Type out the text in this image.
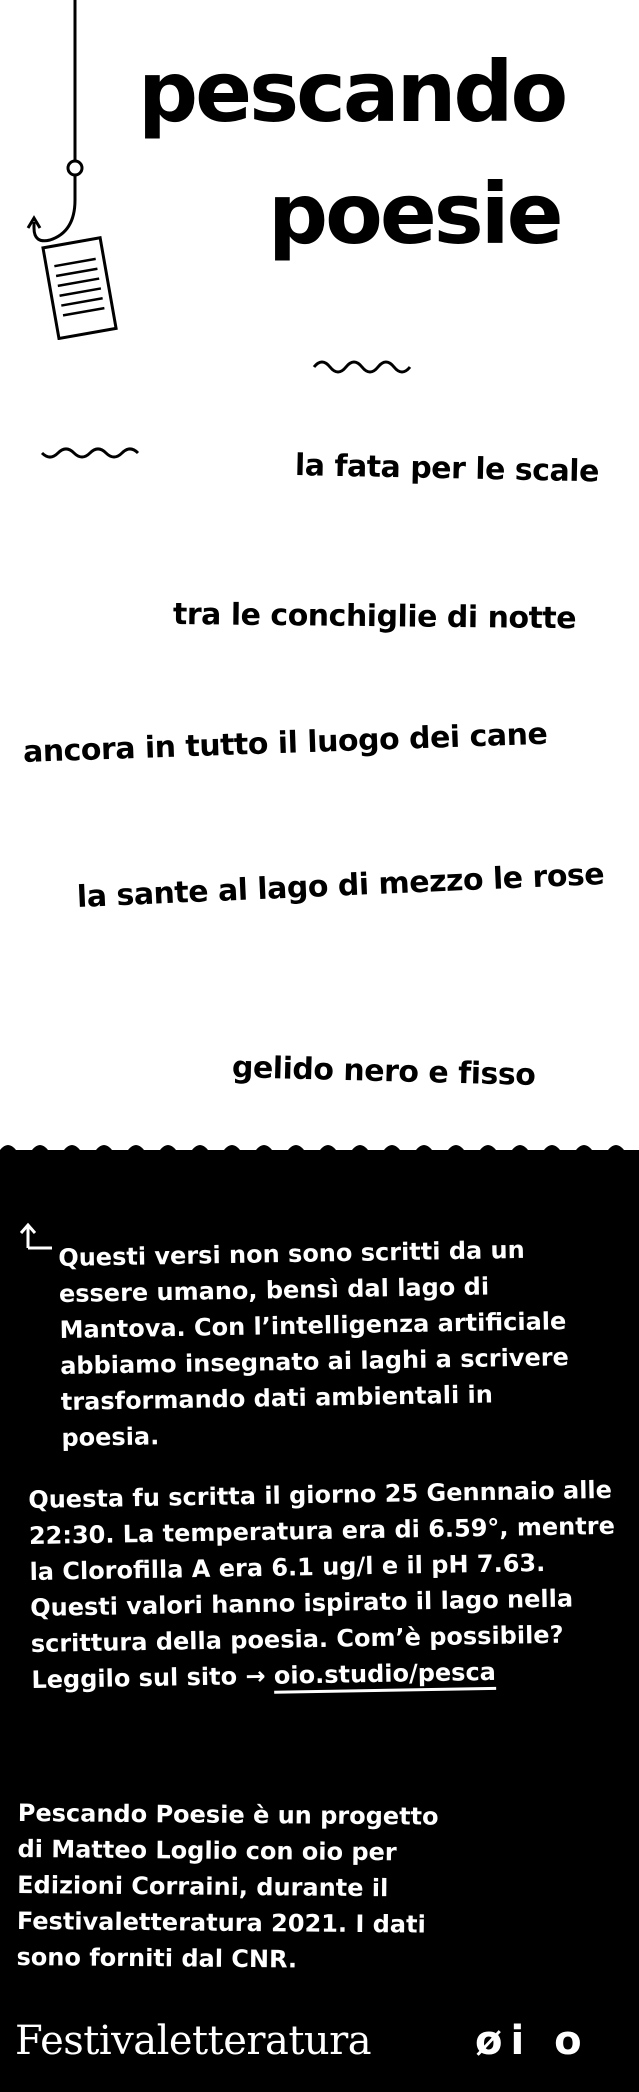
pescando
poesie

la fata per le scale

tra le conchiglie di notte

ancora in tutto il luogo dei cane

la sante al lago di mezzo le rose

gelido nero e fisso

Questi versi non sono scritti da un essere umano, bensì dal lago di Mantova. Con l’intelligenza artificiale abbiamo insegnato ai laghi a scrivere trasformando dati ambientali in poesia.

Questa fu scritta il giorno 25 Gennnaio alle 22:30. La temperatura era di 6.59°, mentre la Clorofilla A era 6.1 ug/l e il pH 7.63. Questi valori hanno ispirato il lago nella scrittura della poesia. Com’è possibile?
Leggilo sul sito → oio.studio/pesca

Pescando Poesie è un progetto di Matteo Loglio con oio per Edizioni Corraini, durante il Festivaletteratura 2021. I dati sono forniti dal CNR.

Festivaletteratura	øi o
